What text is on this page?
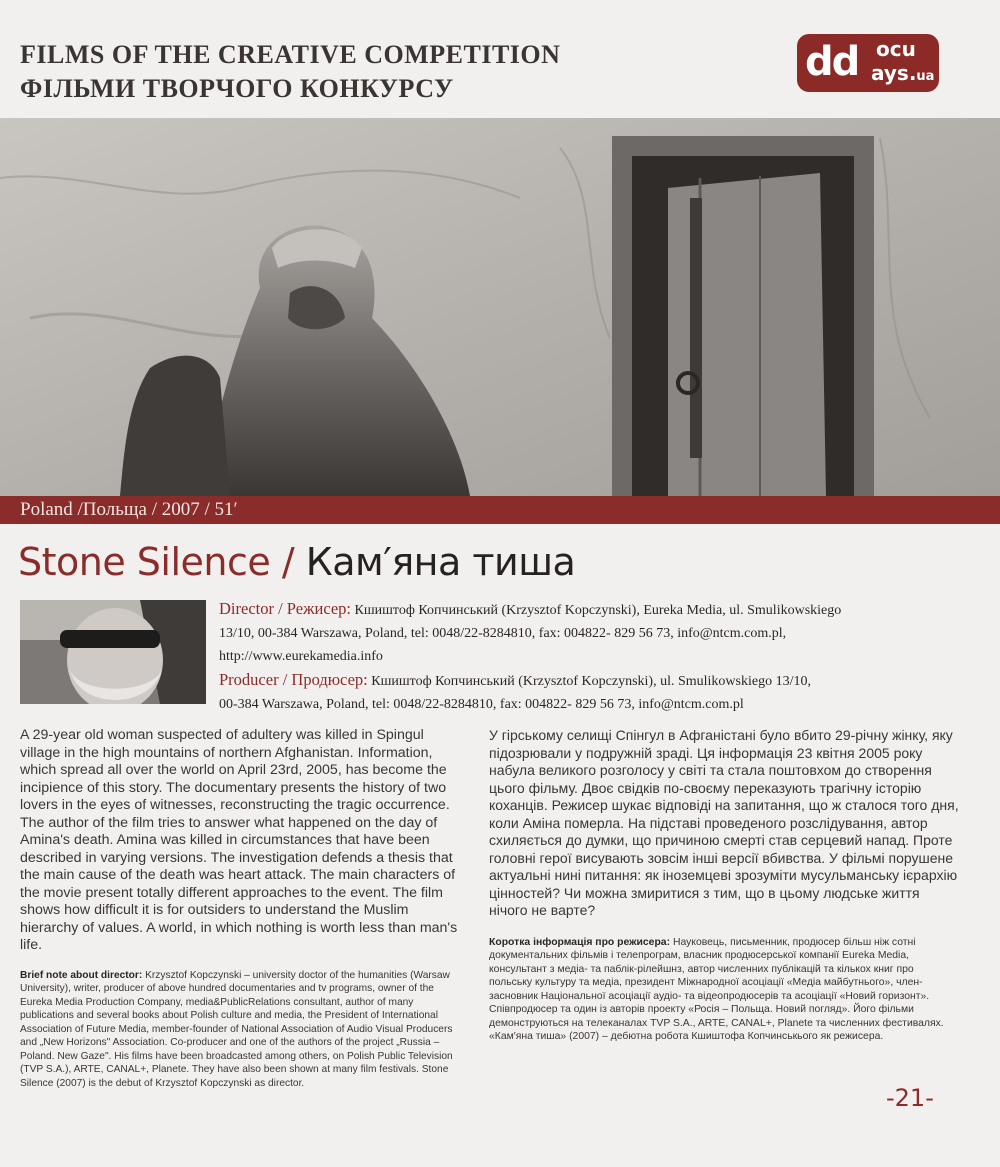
FILMS OF THE CREATIVE COMPETITION
ФІЛЬМИ ТВОРЧОГО КОНКУРСУ
dd ocu
ays.ua
Poland /Польща / 2007 / 51′
Stone Silence / Кам′яна тиша
Director / Режисер: Кшиштоф Копчинський (Krzysztof Kopczynski), Eureka Media, ul. Smulikowskiego
13/10, 00-384 Warszawa, Poland, tel: 0048/22-8284810, fax: 004822- 829 56 73, info@ntcm.com.pl,
http://www.eurekamedia.info
Producer / Продюсер: Кшиштоф Копчинський (Krzysztof Kopczynski), ul. Smulikowskiego 13/10,
00-384 Warszawa, Poland, tel: 0048/22-8284810, fax: 004822- 829 56 73, info@ntcm.com.pl

A 29-year old woman suspected of adultery was killed in Spingul village in the high mountains of northern Afghanistan. Information, which spread all over the world on April 23rd, 2005, has become the incipience of this story. The documentary presents the history of two lovers in the eyes of witnesses, reconstructing the tragic occurrence. The author of the film tries to answer what happened on the day of Amina's death. Amina was killed in circumstances that have been described in varying versions. The investigation defends a thesis that the main cause of the death was heart attack. The main characters of the movie present totally different approaches to the event. The film shows how difficult it is for outsiders to understand the Muslim hierarchy of values. A world, in which nothing is worth less than man's life.

Brief note about director: Krzysztof Kopczynski – university doctor of the humanities (Warsaw University), writer, producer of above hundred documentaries and tv programs, owner of the Eureka Media Production Company, media&PublicRelations consultant, author of many publications and several books about Polish culture and media, the President of International Association of Future Media, member-founder of National Association of Audio Visual Producers and „New Horizons" Association. Co-producer and one of the authors of the project „Russia – Poland. New Gaze". His films have been broadcasted among others, on Polish Public Television (TVP S.A.), ARTE, CANAL+, Planete. They have also been shown at many film festivals. Stone Silence (2007) is the debut of Krzysztof Kopczynski as director.

У гірському селищі Спінгул в Афганістані було вбито 29-річну жінку, яку підозрювали у подружній зраді. Ця інформація 23 квітня 2005 року набула великого розголосу у світі та стала поштовхом до створення цього фільму. Двоє свідків по-своєму переказують трагічну історію коханців. Режисер шукає відповіді на запитання, що ж сталося того дня, коли Аміна померла. На підставі проведеного розслідування, автор схиляється до думки, що причиною смерті став серцевий напад. Проте головні герої висувають зовсім інші версії вбивства. У фільмі порушене актуальні нині питання: як іноземцеві зрозуміти мусульманську ієрархію цінностей? Чи можна змиритися з тим, що в цьому людське життя нічого не варте?

Коротка інформація про режисера: Науковець, письменник, продюсер більш ніж сотні документальних фільмів і телепрограм, власник продюсерської компанії Eureka Media, консультант з медіа- та паблік-рілейшнз, автор численних публікацій та кількох книг про польську культуру та медіа, президент Міжнародної асоціації «Медіа майбутнього», член-засновник Національної асоціації аудіо- та відеопродюсерів та асоціації «Новий горизонт». Співпродюсер та один із авторів проекту «Росія – Польща. Новий погляд». Його фільми демонструються на телеканалах TVP S.A., ARTE, CANAL+, Planete та численних фестивалях. «Кам′яна тиша» (2007) – дебютна робота Кшиштофа Копчинськього як режисера.

-21-
